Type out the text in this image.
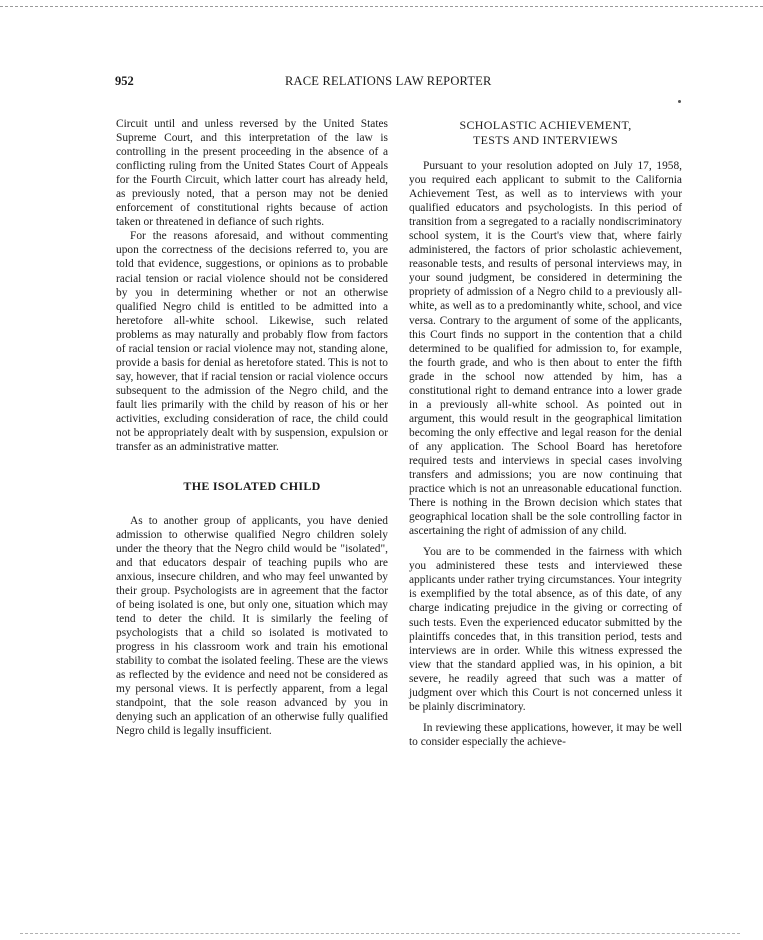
952	RACE RELATIONS LAW REPORTER

Circuit until and unless reversed by the United States Supreme Court, and this interpretation of the law is controlling in the present proceeding in the absence of a conflicting ruling from the United States Court of Appeals for the Fourth Circuit, which latter court has already held, as previously noted, that a person may not be denied enforcement of constitutional rights because of action taken or threatened in defiance of such rights.

For the reasons aforesaid, and without commenting upon the correctness of the decisions referred to, you are told that evidence, suggestions, or opinions as to probable racial tension or racial violence should not be considered by you in determining whether or not an otherwise qualified Negro child is entitled to be admitted into a heretofore all-white school. Likewise, such related problems as may naturally and probably flow from factors of racial tension or racial violence may not, standing alone, provide a basis for denial as heretofore stated. This is not to say, however, that if racial tension or racial violence occurs subsequent to the admission of the Negro child, and the fault lies primarily with the child by reason of his or her activities, excluding consideration of race, the child could not be appropriately dealt with by suspension, expulsion or transfer as an administrative matter.

THE ISOLATED CHILD

As to another group of applicants, you have denied admission to otherwise qualified Negro children solely under the theory that the Negro child would be "isolated", and that educators despair of teaching pupils who are anxious, insecure children, and who may feel unwanted by their group. Psychologists are in agreement that the factor of being isolated is one, but only one, situation which may tend to deter the child. It is similarly the feeling of psychologists that a child so isolated is motivated to progress in his classroom work and train his emotional stability to combat the isolated feeling. These are the views as reflected by the evidence and need not be considered as my personal views. It is perfectly apparent, from a legal standpoint, that the sole reason advanced by you in denying such an application of an otherwise fully qualified Negro child is legally insufficient.

SCHOLASTIC ACHIEVEMENT,
TESTS AND INTERVIEWS

Pursuant to your resolution adopted on July 17, 1958, you required each applicant to submit to the California Achievement Test, as well as to interviews with your qualified educators and psychologists. In this period of transition from a segregated to a racially nondiscriminatory school system, it is the Court's view that, where fairly administered, the factors of prior scholastic achievement, reasonable tests, and results of personal interviews may, in your sound judgment, be considered in determining the propriety of admission of a Negro child to a previously all-white, as well as to a predominantly white, school, and vice versa. Contrary to the argument of some of the applicants, this Court finds no support in the contention that a child determined to be qualified for admission to, for example, the fourth grade, and who is then about to enter the fifth grade in the school now attended by him, has a constitutional right to demand entrance into a lower grade in a previously all-white school. As pointed out in argument, this would result in the geographical limitation becoming the only effective and legal reason for the denial of any application. The School Board has heretofore required tests and interviews in special cases involving transfers and admissions; you are now continuing that practice which is not an unreasonable educational function. There is nothing in the Brown decision which states that geographical location shall be the sole controlling factor in ascertaining the right of admission of any child.

You are to be commended in the fairness with which you administered these tests and interviewed these applicants under rather trying circumstances. Your integrity is exemplified by the total absence, as of this date, of any charge indicating prejudice in the giving or correcting of such tests. Even the experienced educator submitted by the plaintiffs concedes that, in this transition period, tests and interviews are in order. While this witness expressed the view that the standard applied was, in his opinion, a bit severe, he readily agreed that such was a matter of judgment over which this Court is not concerned unless it be plainly discriminatory.

In reviewing these applications, however, it may be well to consider especially the achieve-
